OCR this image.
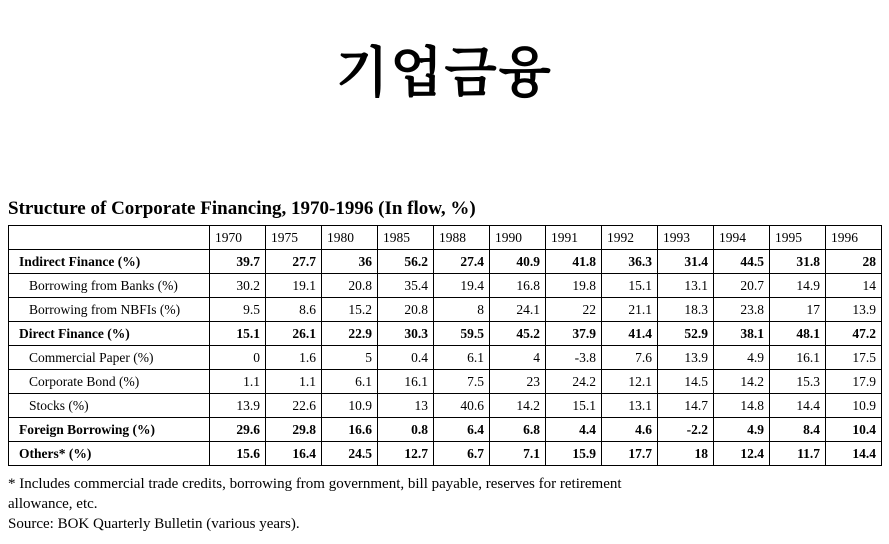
기업금융
Structure of Corporate Financing, 1970-1996 (In flow, %)
	1970	1975	1980	1985	1988	1990	1991	1992	1993	1994	1995	1996
Indirect Finance (%)	39.7	27.7	36	56.2	27.4	40.9	41.8	36.3	31.4	44.5	31.8	28
Borrowing from Banks (%)	30.2	19.1	20.8	35.4	19.4	16.8	19.8	15.1	13.1	20.7	14.9	14
Borrowing from NBFIs (%)	9.5	8.6	15.2	20.8	8	24.1	22	21.1	18.3	23.8	17	13.9
Direct Finance (%)	15.1	26.1	22.9	30.3	59.5	45.2	37.9	41.4	52.9	38.1	48.1	47.2
Commercial Paper (%)	0	1.6	5	0.4	6.1	4	-3.8	7.6	13.9	4.9	16.1	17.5
Corporate Bond (%)	1.1	1.1	6.1	16.1	7.5	23	24.2	12.1	14.5	14.2	15.3	17.9
Stocks (%)	13.9	22.6	10.9	13	40.6	14.2	15.1	13.1	14.7	14.8	14.4	10.9
Foreign Borrowing (%)	29.6	29.8	16.6	0.8	6.4	6.8	4.4	4.6	-2.2	4.9	8.4	10.4
Others* (%)	15.6	16.4	24.5	12.7	6.7	7.1	15.9	17.7	18	12.4	11.7	14.4
* Includes commercial trade credits, borrowing from government, bill payable, reserves for retirement
allowance, etc.
Source: BOK Quarterly Bulletin (various years).
